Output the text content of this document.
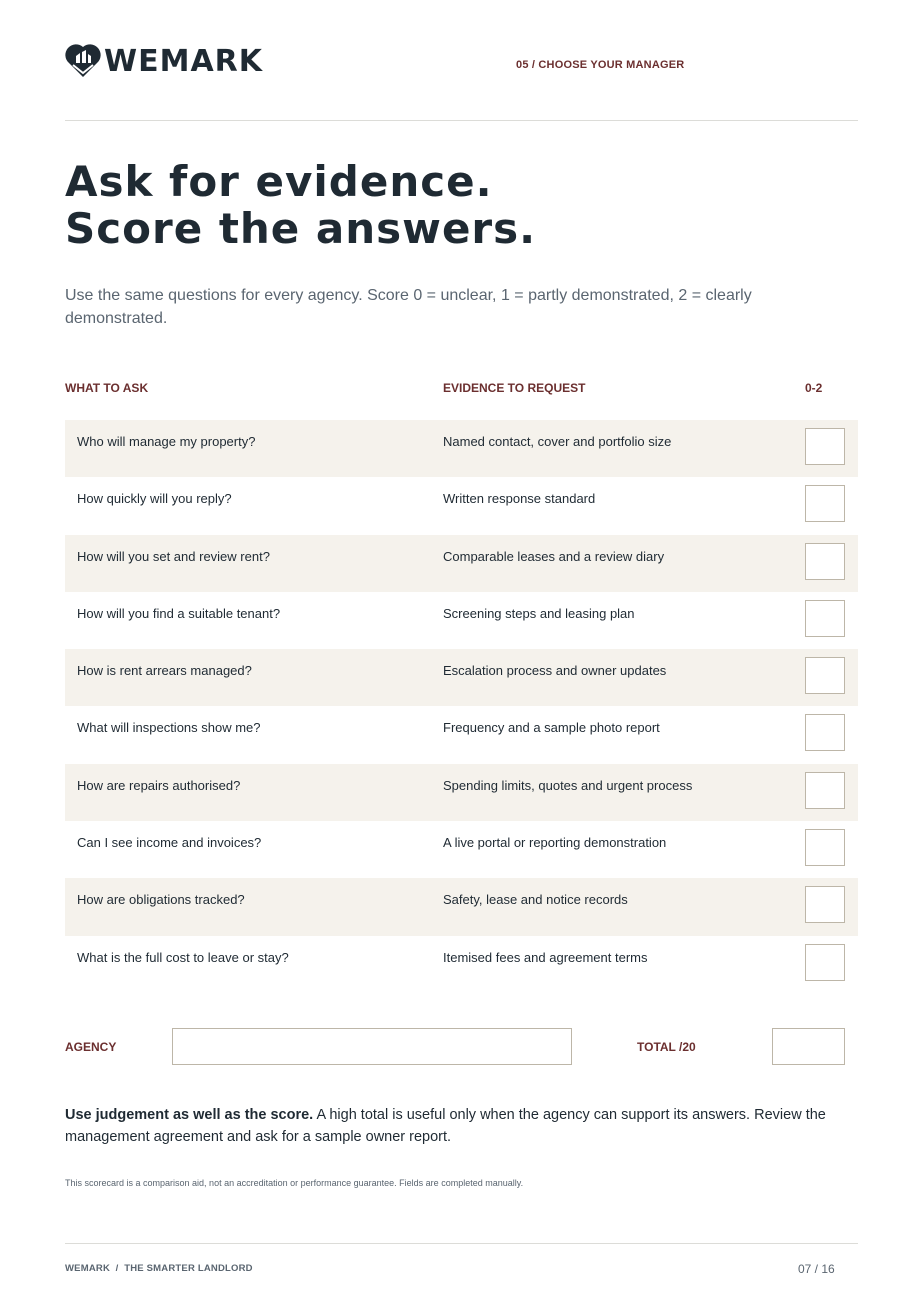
WEMARK	05 / CHOOSE YOUR MANAGER
Ask for evidence.
Score the answers.

Use the same questions for every agency. Score 0 = unclear, 1 = partly demonstrated, 2 = clearly demonstrated.

WHAT TO ASK	EVIDENCE TO REQUEST	0-2
Who will manage my property?	Named contact, cover and portfolio size
How quickly will you reply?	Written response standard
How will you set and review rent?	Comparable leases and a review diary
How will you find a suitable tenant?	Screening steps and leasing plan
How is rent arrears managed?	Escalation process and owner updates
What will inspections show me?	Frequency and a sample photo report
How are repairs authorised?	Spending limits, quotes and urgent process
Can I see income and invoices?	A live portal or reporting demonstration
How are obligations tracked?	Safety, lease and notice records
What is the full cost to leave or stay?	Itemised fees and agreement terms
AGENCY	TOTAL /20

Use judgement as well as the score. A high total is useful only when the agency can support its answers. Review the management agreement and ask for a sample owner report.

This scorecard is a comparison aid, not an accreditation or performance guarantee. Fields are completed manually.

WEMARK  /  THE SMARTER LANDLORD	07 / 16
